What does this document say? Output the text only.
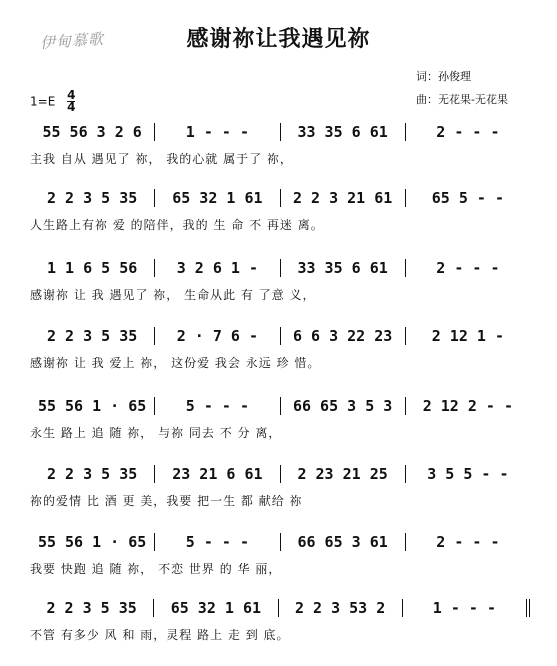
伊甸慕歌	感谢祢让我遇见祢
词：孙俊理
曲：无花果-无花果
$1=E \frac{4}{4}$
55 56 3 2 6	1 - - -	33 35 6 61	2 - - -
主我 自从 遇见了 祢， 我的心就 属于了 祢，
2 2 3 5 35	65 32 1 61	2 2 3 21 61	65 5 - -
人生路上有祢 爱 的陪伴，我的 生 命 不 再迷 离。
1 1 6 5 56	3 2 6 1 -	33 35 6 61	2 - - -
感谢祢 让 我 遇见了 祢， 生命从此 有 了意 义，
2 2 3 5 35	2 · 7 6 -	6 6 3 22 23	2 12 1 -
感谢祢 让 我 爱上 祢， 这份爱 我会 永远 珍 惜。
55 56 1 · 65	5 - - -	66 65 3 5 3	2 12 2 - -
永生 路上 追 随 祢， 与祢 同去 不 分 离，
2 2 3 5 35	23 21 6 61	2 23 21 25	3 5 5 - -
祢的爱情 比 酒 更 美，我要 把一生 都 献给 祢
55 56 1 · 65	5 - - -	66 65 3 61	2 - - -
我要 快跑 追 随 祢， 不恋 世界 的 华 丽，
2 2 3 5 35	65 32 1 61	2 2 3 53 2	1 - - -
不管 有多少 风 和 雨，灵程 路上 走 到 底。
